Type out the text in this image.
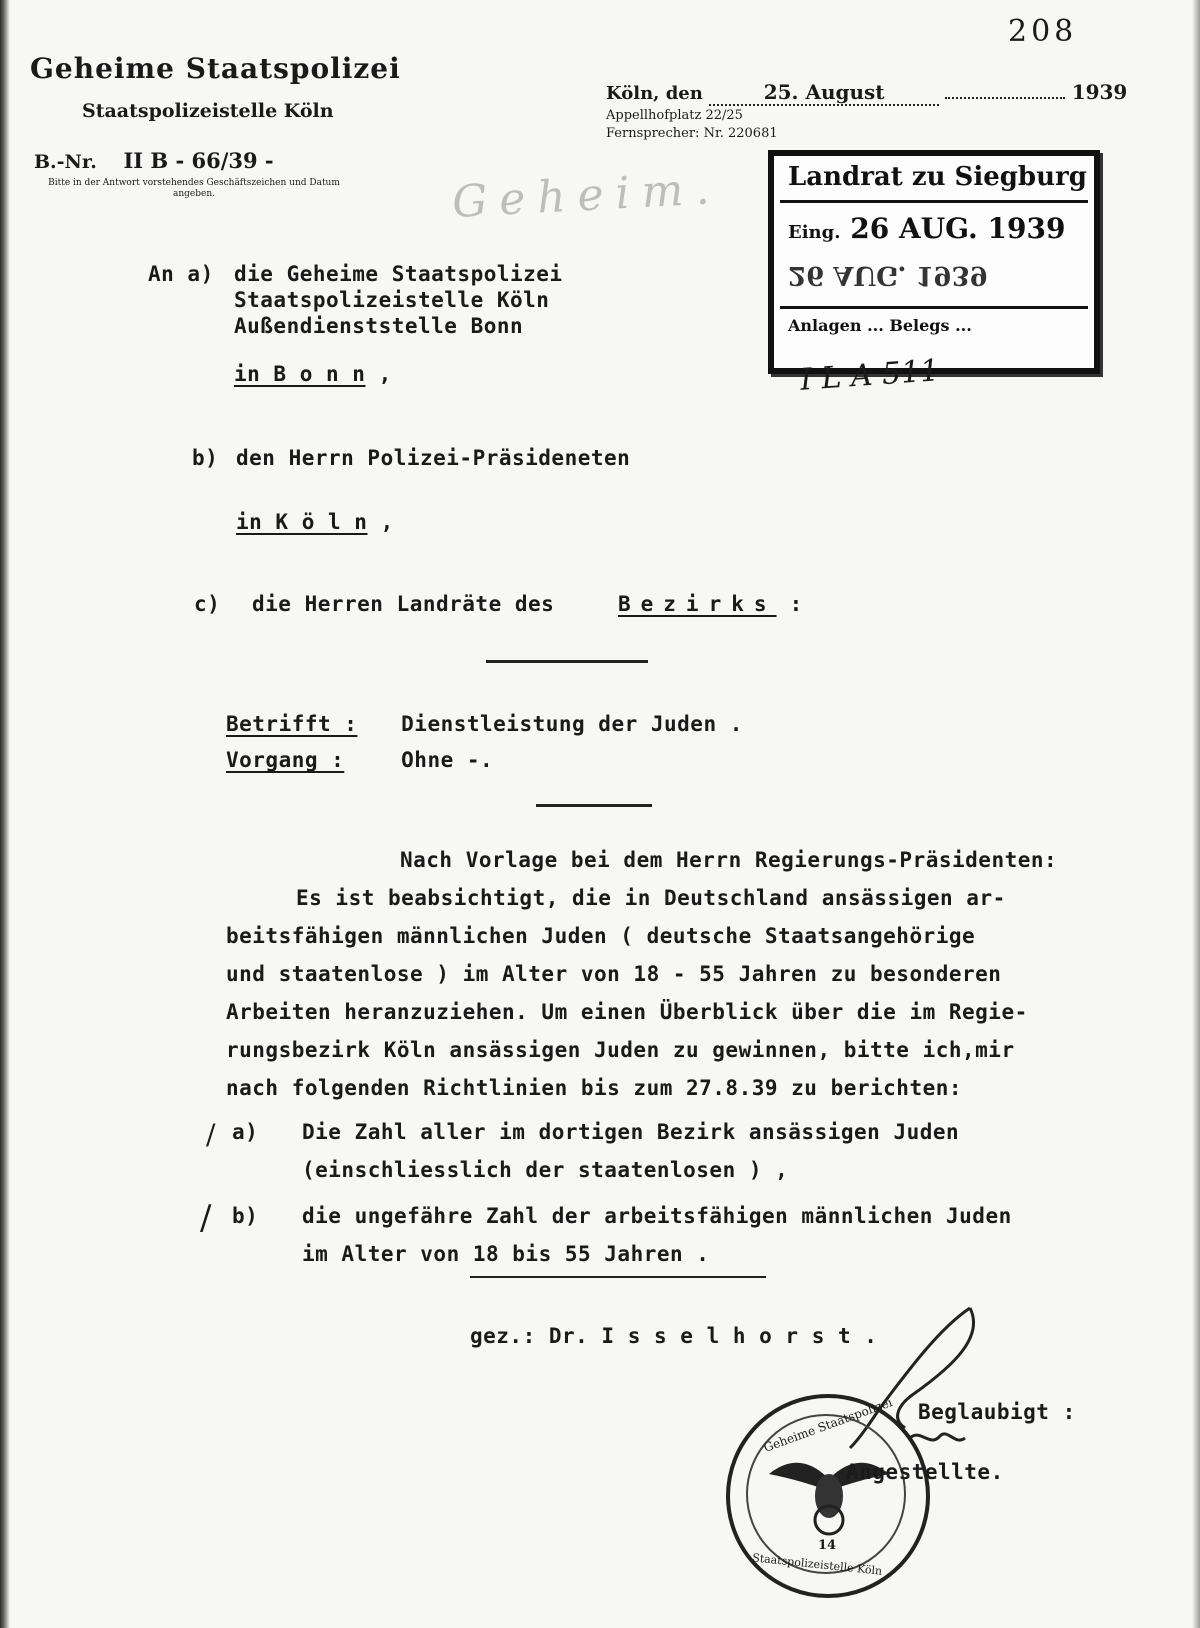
208
Geheime Staatspolizei
Staatspolizeistelle Köln
B.-Nr. II B - 66/39 -
Bitte in der Antwort vorstehendes Geschäftszeichen und Datum angeben.
Köln, den	25. August	1939
Appellhofplatz 22/25
Fernsprecher: Nr. 220681
Geheim.	Landrat zu Siegburg
Eing. 26 AUG. 1939
26 AUG. 1939
Anlagen ... Belegs ...
I L A 511
An a) die Geheime Staatspolizei
Staatspolizeistelle Köln
Außendienststelle Bonn
in B o n n ,
b) den Herrn Polizei-Präsideneten
in K ö l n ,
c) die Herren Landräte des	Bezirks :
Betrifft : Dienstleistung der Juden .
Vorgang :	Ohne -.
Nach Vorlage bei dem Herrn Regierungs-Präsidenten:
Es ist beabsichtigt, die in Deutschland ansässigen ar-
beitsfähigen männlichen Juden ( deutsche Staatsangehörige
und staatenlose ) im Alter von 18 - 55 Jahren zu besonderen
Arbeiten heranzuziehen. Um einen Überblick über die im Regie-
rungsbezirk Köln ansässigen Juden zu gewinnen, bitte ich,mir
nach folgenden Richtlinien bis zum 27.8.39 zu berichten:
/ a) Die Zahl aller im dortigen Bezirk ansässigen Juden
(einschliesslich der staatenlosen ) ,
/ b) die ungefähre Zahl der arbeitsfähigen männlichen Juden
im Alter von 18 bis 55 Jahren .
gez.: Dr. I s s e l h o r s t .
Geheime Staatspolizei
14
Staatspolizeistelle Köln
Beglaubigt :
Angestellte.
